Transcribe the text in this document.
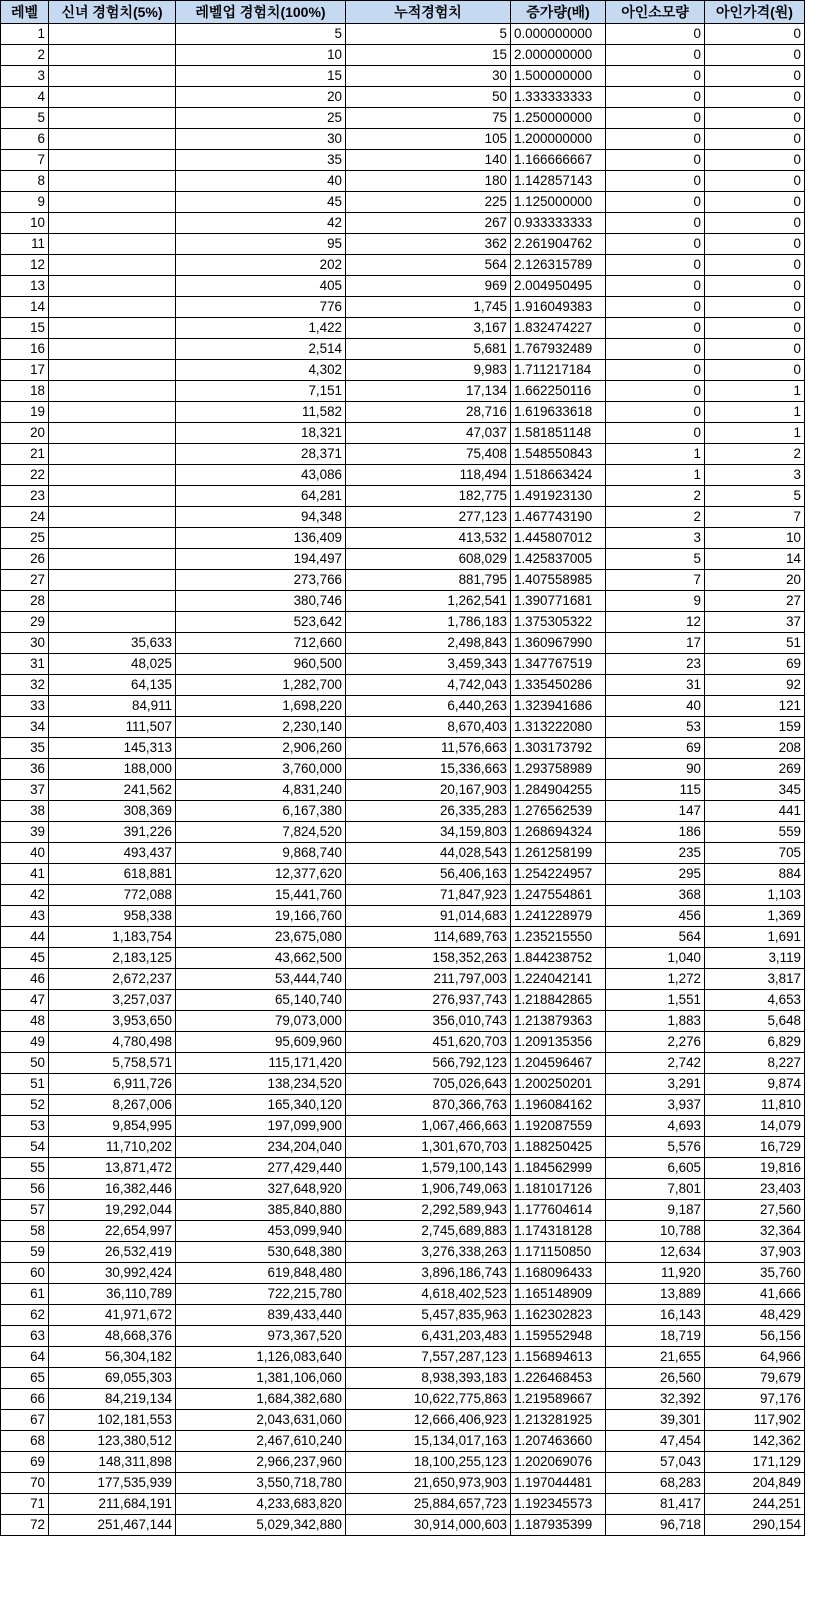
레벨	신녀 경험치(5%)	레벨업 경험치(100%)	누적경험치	증가량(배)	아인소모량	아인가격(원)
1		5	5	0.000000000	0	0
2		10	15	2.000000000	0	0
3		15	30	1.500000000	0	0
4		20	50	1.333333333	0	0
5		25	75	1.250000000	0	0
6		30	105	1.200000000	0	0
7		35	140	1.166666667	0	0
8		40	180	1.142857143	0	0
9		45	225	1.125000000	0	0
10		42	267	0.933333333	0	0
11		95	362	2.261904762	0	0
12		202	564	2.126315789	0	0
13		405	969	2.004950495	0	0
14		776	1,745	1.916049383	0	0
15		1,422	3,167	1.832474227	0	0
16		2,514	5,681	1.767932489	0	0
17		4,302	9,983	1.711217184	0	0
18		7,151	17,134	1.662250116	0	1
19		11,582	28,716	1.619633618	0	1
20		18,321	47,037	1.581851148	0	1
21		28,371	75,408	1.548550843	1	2
22		43,086	118,494	1.518663424	1	3
23		64,281	182,775	1.491923130	2	5
24		94,348	277,123	1.467743190	2	7
25		136,409	413,532	1.445807012	3	10
26		194,497	608,029	1.425837005	5	14
27		273,766	881,795	1.407558985	7	20
28		380,746	1,262,541	1.390771681	9	27
29		523,642	1,786,183	1.375305322	12	37
30	35,633	712,660	2,498,843	1.360967990	17	51
31	48,025	960,500	3,459,343	1.347767519	23	69
32	64,135	1,282,700	4,742,043	1.335450286	31	92
33	84,911	1,698,220	6,440,263	1.323941686	40	121
34	111,507	2,230,140	8,670,403	1.313222080	53	159
35	145,313	2,906,260	11,576,663	1.303173792	69	208
36	188,000	3,760,000	15,336,663	1.293758989	90	269
37	241,562	4,831,240	20,167,903	1.284904255	115	345
38	308,369	6,167,380	26,335,283	1.276562539	147	441
39	391,226	7,824,520	34,159,803	1.268694324	186	559
40	493,437	9,868,740	44,028,543	1.261258199	235	705
41	618,881	12,377,620	56,406,163	1.254224957	295	884
42	772,088	15,441,760	71,847,923	1.247554861	368	1,103
43	958,338	19,166,760	91,014,683	1.241228979	456	1,369
44	1,183,754	23,675,080	114,689,763	1.235215550	564	1,691
45	2,183,125	43,662,500	158,352,263	1.844238752	1,040	3,119
46	2,672,237	53,444,740	211,797,003	1.224042141	1,272	3,817
47	3,257,037	65,140,740	276,937,743	1.218842865	1,551	4,653
48	3,953,650	79,073,000	356,010,743	1.213879363	1,883	5,648
49	4,780,498	95,609,960	451,620,703	1.209135356	2,276	6,829
50	5,758,571	115,171,420	566,792,123	1.204596467	2,742	8,227
51	6,911,726	138,234,520	705,026,643	1.200250201	3,291	9,874
52	8,267,006	165,340,120	870,366,763	1.196084162	3,937	11,810
53	9,854,995	197,099,900	1,067,466,663	1.192087559	4,693	14,079
54	11,710,202	234,204,040	1,301,670,703	1.188250425	5,576	16,729
55	13,871,472	277,429,440	1,579,100,143	1.184562999	6,605	19,816
56	16,382,446	327,648,920	1,906,749,063	1.181017126	7,801	23,403
57	19,292,044	385,840,880	2,292,589,943	1.177604614	9,187	27,560
58	22,654,997	453,099,940	2,745,689,883	1.174318128	10,788	32,364
59	26,532,419	530,648,380	3,276,338,263	1.171150850	12,634	37,903
60	30,992,424	619,848,480	3,896,186,743	1.168096433	11,920	35,760
61	36,110,789	722,215,780	4,618,402,523	1.165148909	13,889	41,666
62	41,971,672	839,433,440	5,457,835,963	1.162302823	16,143	48,429
63	48,668,376	973,367,520	6,431,203,483	1.159552948	18,719	56,156
64	56,304,182	1,126,083,640	7,557,287,123	1.156894613	21,655	64,966
65	69,055,303	1,381,106,060	8,938,393,183	1.226468453	26,560	79,679
66	84,219,134	1,684,382,680	10,622,775,863	1.219589667	32,392	97,176
67	102,181,553	2,043,631,060	12,666,406,923	1.213281925	39,301	117,902
68	123,380,512	2,467,610,240	15,134,017,163	1.207463660	47,454	142,362
69	148,311,898	2,966,237,960	18,100,255,123	1.202069076	57,043	171,129
70	177,535,939	3,550,718,780	21,650,973,903	1.197044481	68,283	204,849
71	211,684,191	4,233,683,820	25,884,657,723	1.192345573	81,417	244,251
72	251,467,144	5,029,342,880	30,914,000,603	1.187935399	96,718	290,154
